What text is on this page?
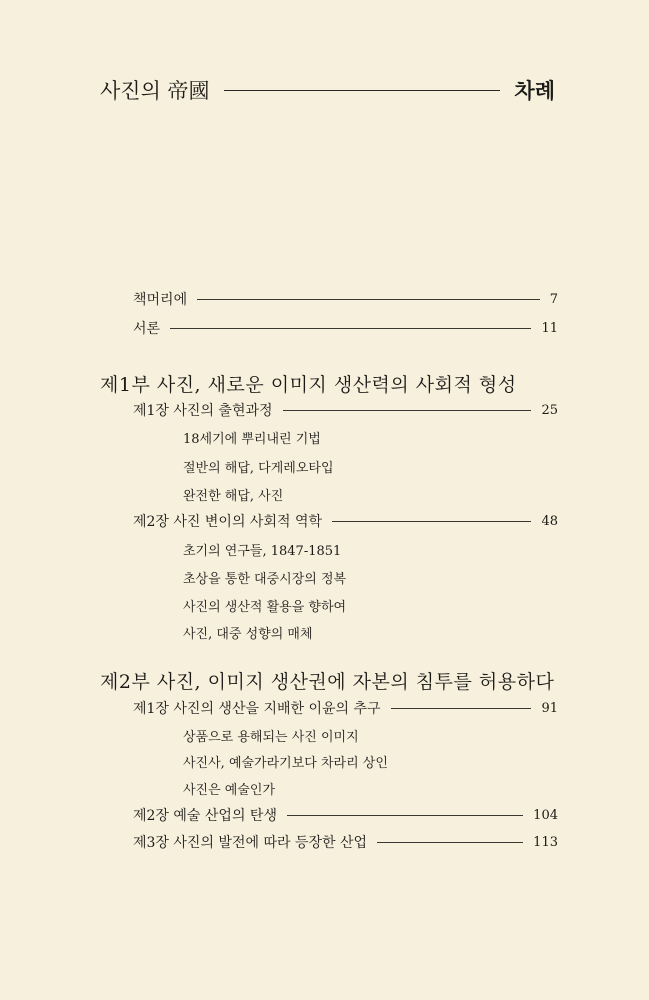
사진의 帝國	차례
책머리에	7
서론	11
제1부 사진, 새로운 이미지 생산력의 사회적 형성
제1장 사진의 출현과정	25
18세기에 뿌리내린 기법
절반의 해답, 다게레오타입
완전한 해답, 사진
제2장 사진 변이의 사회적 역학	48
초기의 연구들, 1847-1851
초상을 통한 대중시장의 정복
사진의 생산적 활용을 향하여
사진, 대중 성향의 매체
제2부 사진, 이미지 생산권에 자본의 침투를 허용하다
제1장 사진의 생산을 지배한 이윤의 추구	91
상품으로 용해되는 사진 이미지
사진사, 예술가라기보다 차라리 상인
사진은 예술인가
제2장 예술 산업의 탄생	104
제3장 사진의 발전에 따라 등장한 산업	113
